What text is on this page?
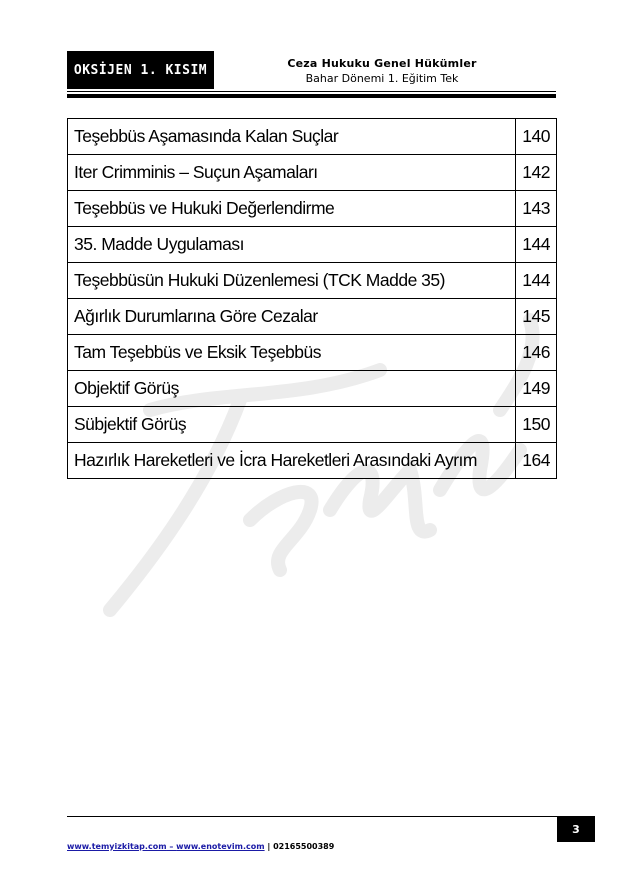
OKSİJEN 1. KISIM	Ceza Hukuku Genel Hükümler
Bahar Dönemi 1. Eğitim Tek
Teşebbüs Aşamasında Kalan Suçlar	140
Iter Crimminis – Suçun Aşamaları	142
Teşebbüs ve Hukuki Değerlendirme	143
35. Madde Uygulaması	144
Teşebbüsün Hukuki Düzenlemesi (TCK Madde 35)	144
Ağırlık Durumlarına Göre Cezalar	145
Tam Teşebbüs ve Eksik Teşebbüs	146
Objektif Görüş	149
Sübjektif Görüş	150
Hazırlık Hareketleri ve İcra Hareketleri Arasındaki Ayrım	164
3
www.temyizkitap.com – www.enotevim.com | 02165500389
